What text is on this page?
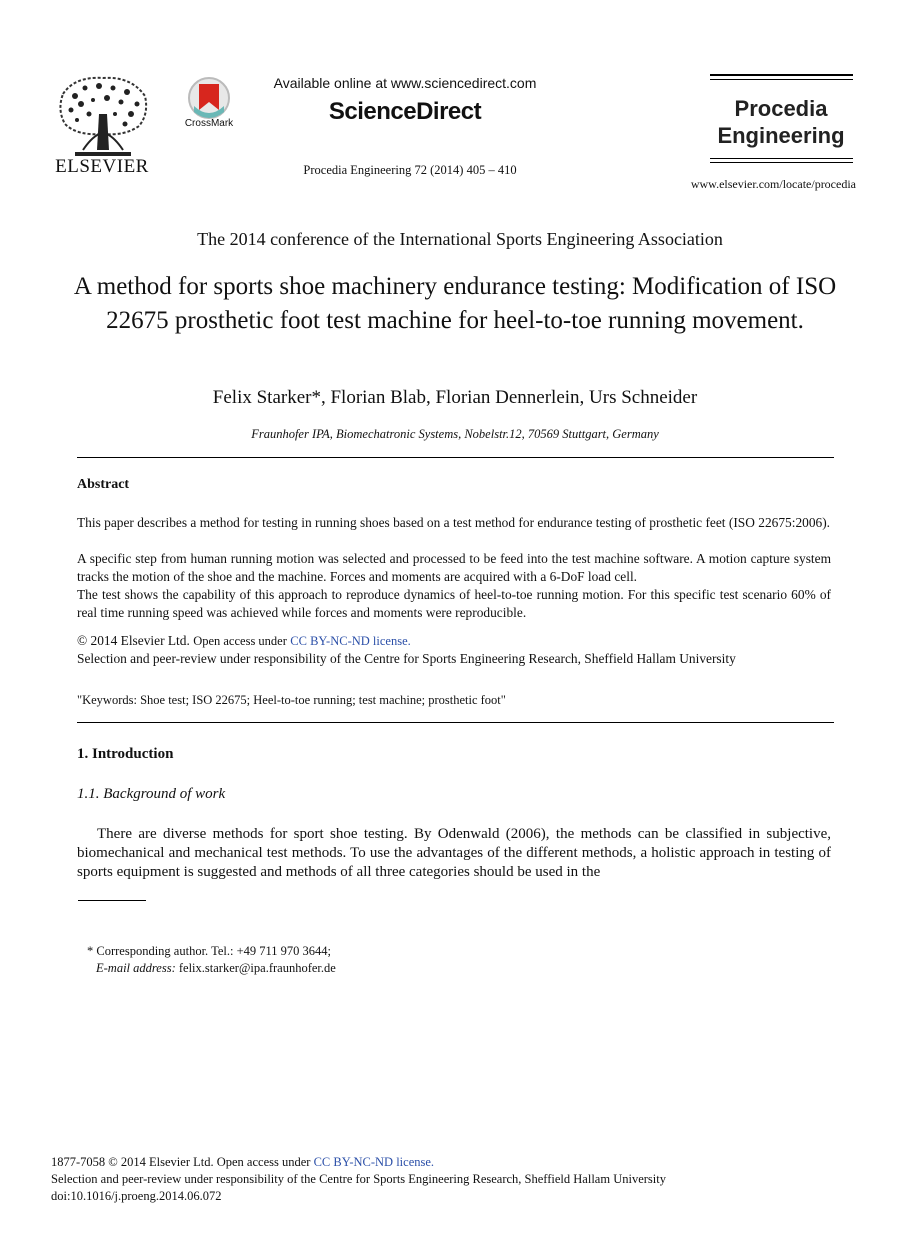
ELSEVIER
CrossMark
Available online at www.sciencedirect.com
ScienceDirect
Procedia Engineering 72 (2014) 405 – 410
Procedia
Engineering
www.elsevier.com/locate/procedia
The 2014 conference of the International Sports Engineering Association
A method for sports shoe machinery endurance testing: Modification of ISO 22675 prosthetic foot test machine for heel-to-toe running movement.
Felix Starker*, Florian Blab, Florian Dennerlein, Urs Schneider
Fraunhofer IPA, Biomechatronic Systems, Nobelstr.12, 70569 Stuttgart, Germany
Abstract
This paper describes a method for testing in running shoes based on a test method for endurance testing of prosthetic feet (ISO 22675:2006).
A specific step from human running motion was selected and processed to be feed into the test machine software. A motion capture system tracks the motion of the shoe and the machine. Forces and moments are acquired with a 6-DoF load cell.
The test shows the capability of this approach to reproduce dynamics of heel-to-toe running motion. For this specific test scenario 60% of real time running speed was achieved while forces and moments were reproducible.
© 2014 Elsevier Ltd. Open access under CC BY-NC-ND license.
Selection and peer-review under responsibility of the Centre for Sports Engineering Research, Sheffield Hallam University
"Keywords: Shoe test; ISO 22675; Heel-to-toe running; test machine; prosthetic foot"
1. Introduction
1.1. Background of work
There are diverse methods for sport shoe testing. By Odenwald (2006), the methods can be classified in subjective, biomechanical and mechanical test methods. To use the advantages of the different methods, a holistic approach in testing of sports equipment is suggested and methods of all three categories should be used in the
* Corresponding author. Tel.: +49 711 970 3644;
E-mail address: felix.starker@ipa.fraunhofer.de
1877-7058 © 2014 Elsevier Ltd. Open access under CC BY-NC-ND license.
Selection and peer-review under responsibility of the Centre for Sports Engineering Research, Sheffield Hallam University
doi:10.1016/j.proeng.2014.06.072
